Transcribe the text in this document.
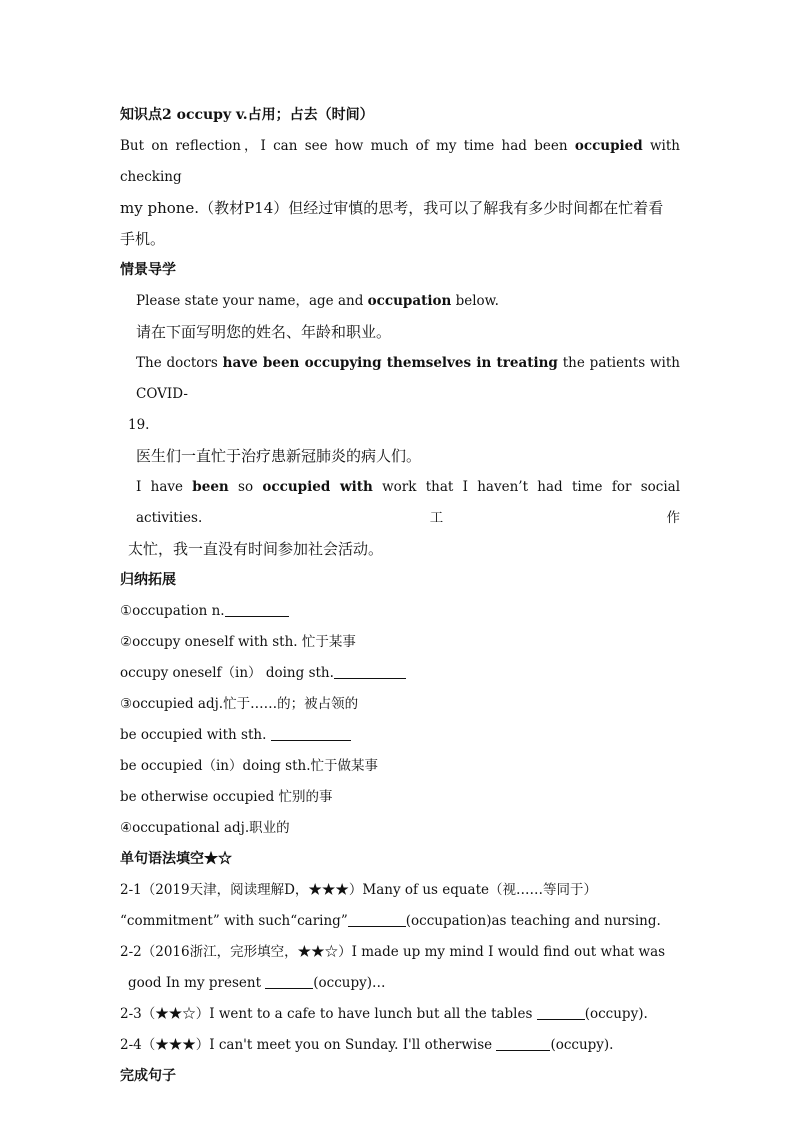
知识点2 occupy v.占用；占去（时间）
But on reflection，I can see how much of my time had been occupied with checking
my phone.（教材P14）但经过审慎的思考，我可以了解我有多少时间都在忙着看
手机。
情景导学
Please state your name，age and occupation below.
请在下面写明您的姓名、年龄和职业。
The doctors have been occupying themselves in treating the patients with COVID-
19.
医生们一直忙于治疗患新冠肺炎的病人们。
I have been so occupied with work that I haven’t had time for social activities. 工作
太忙，我一直没有时间参加社会活动。
归纳拓展
①occupation n.
②occupy oneself with sth. 忙于某事
occupy oneself（in） doing sth.
③occupied adj.忙于……的；被占领的
be occupied with sth.
be occupied（in）doing sth.忙于做某事
be otherwise occupied 忙别的事
④occupational adj.职业的
单句语法填空★☆
2-1（2019天津，阅读理解D，★★★）Many of us equate（视……等同于）
“commitment” with such“caring”	(occupation)as teaching and nursing.
2-2（2016浙江，完形填空，★★☆）I made up my mind I would find out what was
good In my present	(occupy)…
2-3（★★☆）I went to a cafe to have lunch but all the tables	(occupy).
2-4（★★★）I can't meet you on Sunday. I'll otherwise	(occupy).
完成句子
